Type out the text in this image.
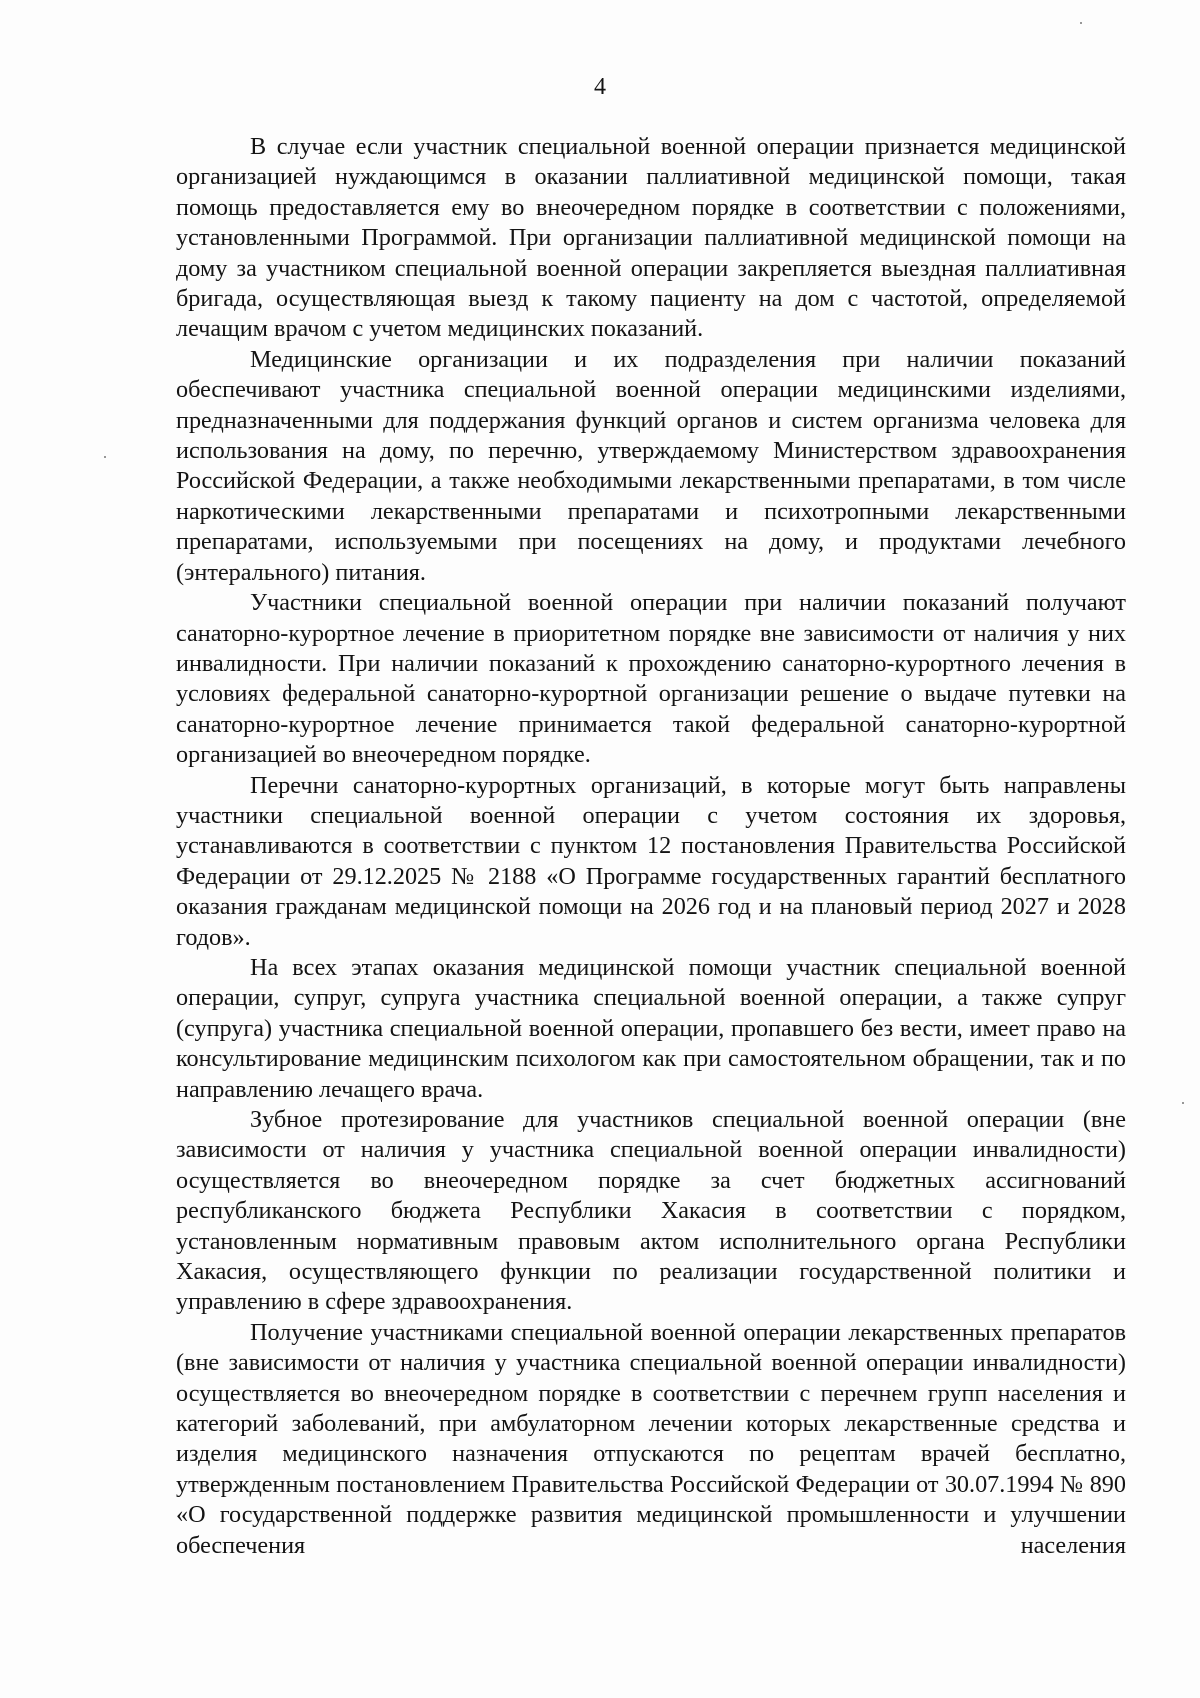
4

В случае если участник специальной военной операции признается медицинской организацией нуждающимся в оказании паллиативной медицинской помощи, такая помощь предоставляется ему во внеочередном порядке в соответствии с положениями, установленными Программой. При организации паллиативной медицинской помощи на дому за участником специальной военной операции закрепляется выездная паллиативная бригада, осуществляющая выезд к такому пациенту на дом с частотой, определяемой лечащим врачом с учетом медицинских показаний.

Медицинские организации и их подразделения при наличии показаний обеспечивают участника специальной военной операции медицинскими изделиями, предназначенными для поддержания функций органов и систем организма человека для использования на дому, по перечню, утверждаемому Министерством здравоохранения Российской Федерации, а также необходимыми лекарственными препаратами, в том числе наркотическими лекарственными препаратами и психотропными лекарственными препаратами, используемыми при посещениях на дому, и продуктами лечебного (энтерального) питания.

Участники специальной военной операции при наличии показаний получают санаторно-курортное лечение в приоритетном порядке вне зависимости от наличия у них инвалидности. При наличии показаний к прохождению санаторно-курортного лечения в условиях федеральной санаторно-курортной организации решение о выдаче путевки на санаторно-курортное лечение принимается такой федеральной санаторно-курортной организацией во внеочередном порядке.

Перечни санаторно-курортных организаций, в которые могут быть направлены участники специальной военной операции с учетом состояния их здоровья, устанавливаются в соответствии с пунктом 12 постановления Правительства Российской Федерации от 29.12.2025 № 2188 «О Программе государственных гарантий бесплатного оказания гражданам медицинской помощи на 2026 год и на плановый период 2027 и 2028 годов».

На всех этапах оказания медицинской помощи участник специальной военной операции, супруг, супруга участника специальной военной операции, а также супруг (супруга) участника специальной военной операции, пропавшего без вести, имеет право на консультирование медицинским психологом как при самостоятельном обращении, так и по направлению лечащего врача.

Зубное протезирование для участников специальной военной операции (вне зависимости от наличия у участника специальной военной операции инвалидности) осуществляется во внеочередном порядке за счет бюджетных ассигнований республиканского бюджета Республики Хакасия в соответствии с порядком, установленным нормативным правовым актом исполнительного органа Республики Хакасия, осуществляющего функции по реализации государственной политики и управлению в сфере здравоохранения.

Получение участниками специальной военной операции лекарственных препаратов (вне зависимости от наличия у участника специальной военной операции инвалидности) осуществляется во внеочередном порядке в соответствии с перечнем групп населения и категорий заболеваний, при амбулаторном лечении которых лекарственные средства и изделия медицинского назначения отпускаются по рецептам врачей бесплатно, утвержденным постановлением Правительства Российской Федерации от 30.07.1994 № 890 «О государственной поддержке развития медицинской промышленности и улучшении обеспечения населения
